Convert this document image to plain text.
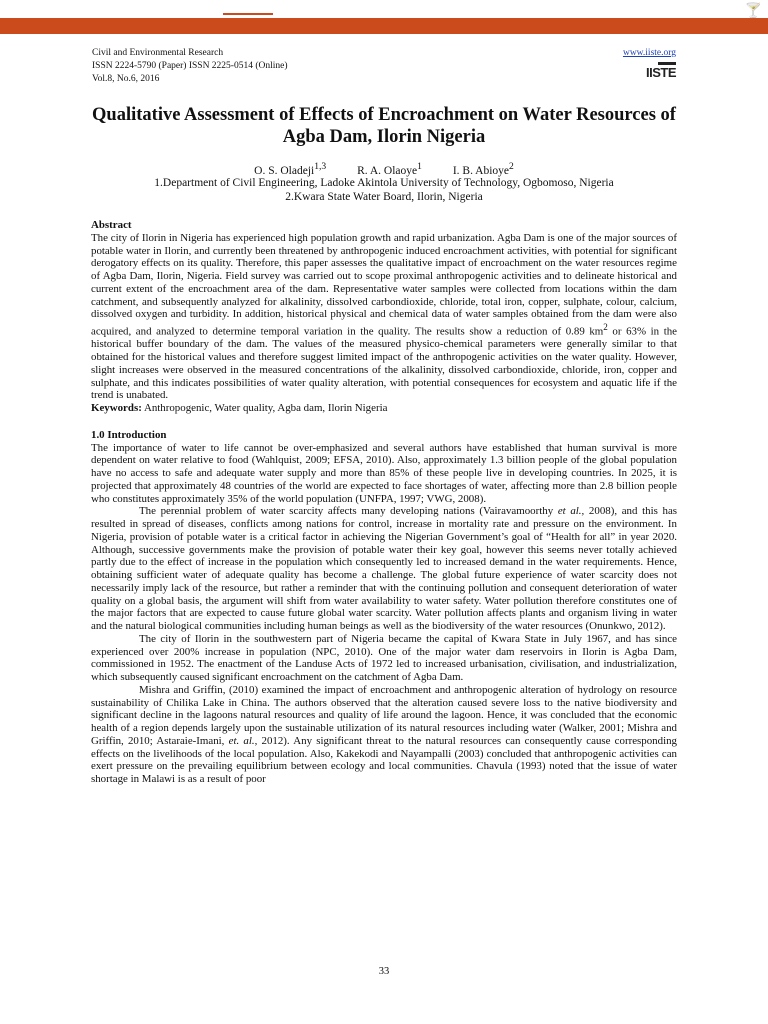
🍸
Civil and Environmental Research
ISSN 2224-5790 (Paper) ISSN 2225-0514 (Online)
Vol.8, No.6, 2016
www.iiste.org

IISTE
Qualitative Assessment of Effects of Encroachment on Water Resources of Agba Dam, Ilorin Nigeria
O. S. Oladeji$^{1,3}$	R. A. Olaoye$^1$	I. B. Abioye$^2$
1.Department of Civil Engineering, Ladoke Akintola University of Technology, Ogbomoso, Nigeria
2.Kwara State Water Board, Ilorin, Nigeria
Abstract

The city of Ilorin in Nigeria has experienced high population growth and rapid urbanization. Agba Dam is one of the major sources of potable water in Ilorin, and currently been threatened by anthropogenic induced encroachment activities, with potential for significant derogatory effects on its quality. Therefore, this paper assesses the qualitative impact of encroachment on the water resources regime of Agba Dam, Ilorin, Nigeria. Field survey was carried out to scope proximal anthropogenic activities and to delineate historical and current extent of the encroachment area of the dam. Representative water samples were collected from locations within the dam catchment, and subsequently analyzed for alkalinity, dissolved carbondioxide, chloride, total iron, copper, sulphate, colour, calcium, dissolved oxygen and turbidity. In addition, historical physical and chemical data of water samples obtained from the dam were also acquired, and analyzed to determine temporal variation in the quality. The results show a reduction of 0.89 $km^2$ or 63% in the historical buffer boundary of the dam. The values of the measured physico-chemical parameters were generally similar to that obtained for the historical values and therefore suggest limited impact of the anthropogenic activities on the water quality. However, slight increases were observed in the measured concentrations of the alkalinity, dissolved carbondioxide, chloride, iron, copper and sulphate, and this indicates possibilities of water quality alteration, with potential consequences for ecosystem and aquatic life if the trend is unabated.

Keywords: Anthropogenic, Water quality, Agba dam, Ilorin Nigeria

1.0 Introduction

The importance of water to life cannot be over-emphasized and several authors have established that human survival is more dependent on water relative to food (Wahlquist, 2009; EFSA, 2010). Also, approximately 1.3 billion people of the global population have no access to safe and adequate water supply and more than 85% of these people live in developing countries. In 2025, it is projected that approximately 48 countries of the world are expected to face shortages of water, affecting more than 2.8 billion people who constitutes approximately 35% of the world population (UNFPA, 1997; VWG, 2008).

The perennial problem of water scarcity affects many developing nations (Vairavamoorthy et al., 2008), and this has resulted in spread of diseases, conflicts among nations for control, increase in mortality rate and pressure on the environment. In Nigeria, provision of potable water is a critical factor in achieving the Nigerian Government’s goal of “Health for all” in year 2020. Although, successive governments make the provision of potable water their key goal, however this seems never totally achieved partly due to the effect of increase in the population which consequently led to increased demand in the water requirements. Hence, obtaining sufficient water of adequate quality has become a challenge. The global future experience of water scarcity does not necessarily imply lack of the resource, but rather a reminder that with the continuing pollution and consequent deterioration of water quality on a global basis, the argument will shift from water availability to water safety. Water pollution therefore constitutes one of the major factors that are expected to cause future global water scarcity. Water pollution affects plants and organism living in water and the natural biological communities including human beings as well as the biodiversity of the water resources (Onunkwo, 2012).

The city of Ilorin in the southwestern part of Nigeria became the capital of Kwara State in July 1967, and has since experienced over 200% increase in population (NPC, 2010). One of the major water dam reservoirs in Ilorin is Agba Dam, commissioned in 1952. The enactment of the Landuse Acts of 1972 led to increased urbanisation, civilisation, and industrialization, which subsequently caused significant encroachment on the catchment of Agba Dam.

Mishra and Griffin, (2010) examined the impact of encroachment and anthropogenic alteration of hydrology on resource sustainability of Chilika Lake in China. The authors observed that the alteration caused severe loss to the native biodiversity and significant decline in the lagoons natural resources and quality of life around the lagoon. Hence, it was concluded that the economic health of a region depends largely upon the sustainable utilization of its natural resources including water (Walker, 2001; Mishra and Griffin, 2010; Astaraie-Imani, et. al., 2012). Any significant threat to the natural resources can consequently cause corresponding effects on the livelihoods of the local population. Also, Kakekodi and Nayampalli (2003) concluded that anthropogenic activities can exert pressure on the prevailing equilibrium between ecology and local communities. Chavula (1993) noted that the issue of water shortage in Malawi is as a result of poor

33
